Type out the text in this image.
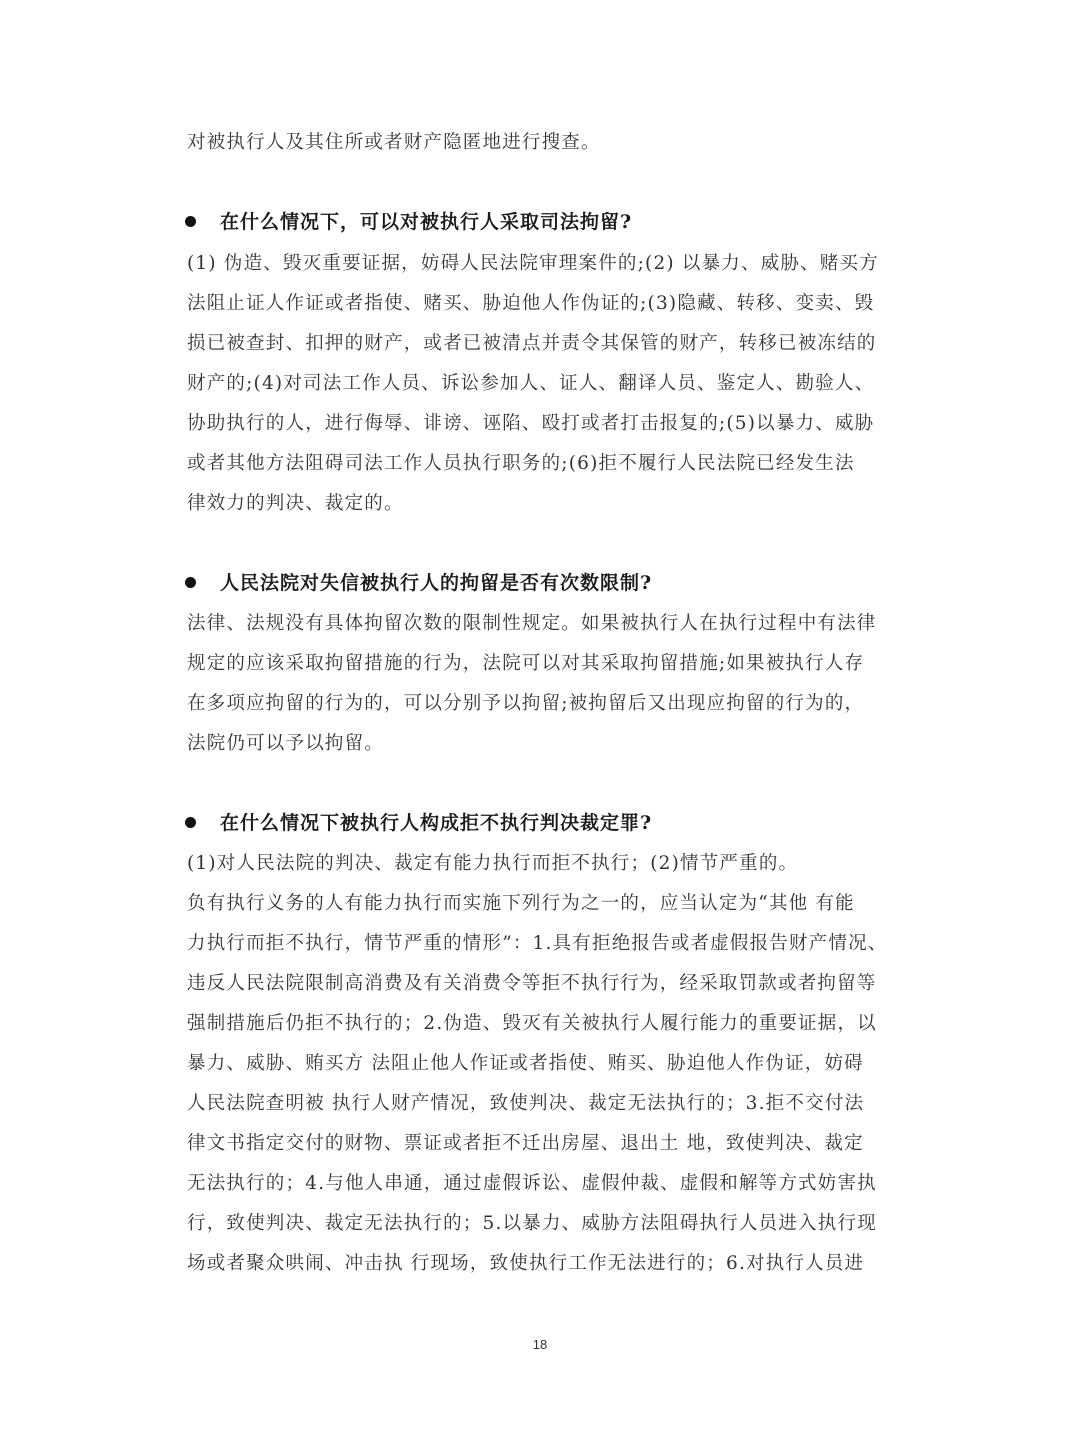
对被执行人及其住所或者财产隐匿地进行搜查。
在什么情况下，可以对被执行人采取司法拘留?
(1) 伪造、毁灭重要证据，妨碍人民法院审理案件的;(2) 以暴力、威胁、赌买方
法阻止证人作证或者指使、赌买、胁迫他人作伪证的;(3)隐藏、转移、变卖、毁
损已被查封、扣押的财产，或者已被清点并责令其保管的财产，转移已被冻结的
财产的;(4)对司法工作人员、诉讼参加人、证人、翻译人员、鉴定人、勘验人、
协助执行的人，进行侮辱、诽谤、诬陷、殴打或者打击报复的;(5)以暴力、威胁
或者其他方法阻碍司法工作人员执行职务的;(6)拒不履行人民法院已经发生法
律效力的判决、裁定的。
人民法院对失信被执行人的拘留是否有次数限制?
法律、法规没有具体拘留次数的限制性规定。如果被执行人在执行过程中有法律
规定的应该采取拘留措施的行为，法院可以对其采取拘留措施;如果被执行人存
在多项应拘留的行为的，可以分别予以拘留;被拘留后又出现应拘留的行为的，
法院仍可以予以拘留。
在什么情况下被执行人构成拒不执行判决裁定罪?
(1)对人民法院的判决、裁定有能力执行而拒不执行；(2)情节严重的。
负有执行义务的人有能力执行而实施下列行为之一的，应当认定为“其他 有能
力执行而拒不执行，情节严重的情形”：1.具有拒绝报告或者虚假报告财产情况、
违反人民法院限制高消费及有关消费令等拒不执行行为，经采取罚款或者拘留等
强制措施后仍拒不执行的；2.伪造、毁灭有关被执行人履行能力的重要证据，以
暴力、威胁、贿买方 法阻止他人作证或者指使、贿买、胁迫他人作伪证，妨碍
人民法院查明被 执行人财产情况，致使判决、裁定无法执行的；3.拒不交付法
律文书指定交付的财物、票证或者拒不迁出房屋、退出土 地，致使判决、裁定
无法执行的；4.与他人串通，通过虚假诉讼、虚假仲裁、虚假和解等方式妨害执
行，致使判决、裁定无法执行的；5.以暴力、威胁方法阻碍执行人员进入执行现
场或者聚众哄闹、冲击执 行现场，致使执行工作无法进行的；6.对执行人员进
18
